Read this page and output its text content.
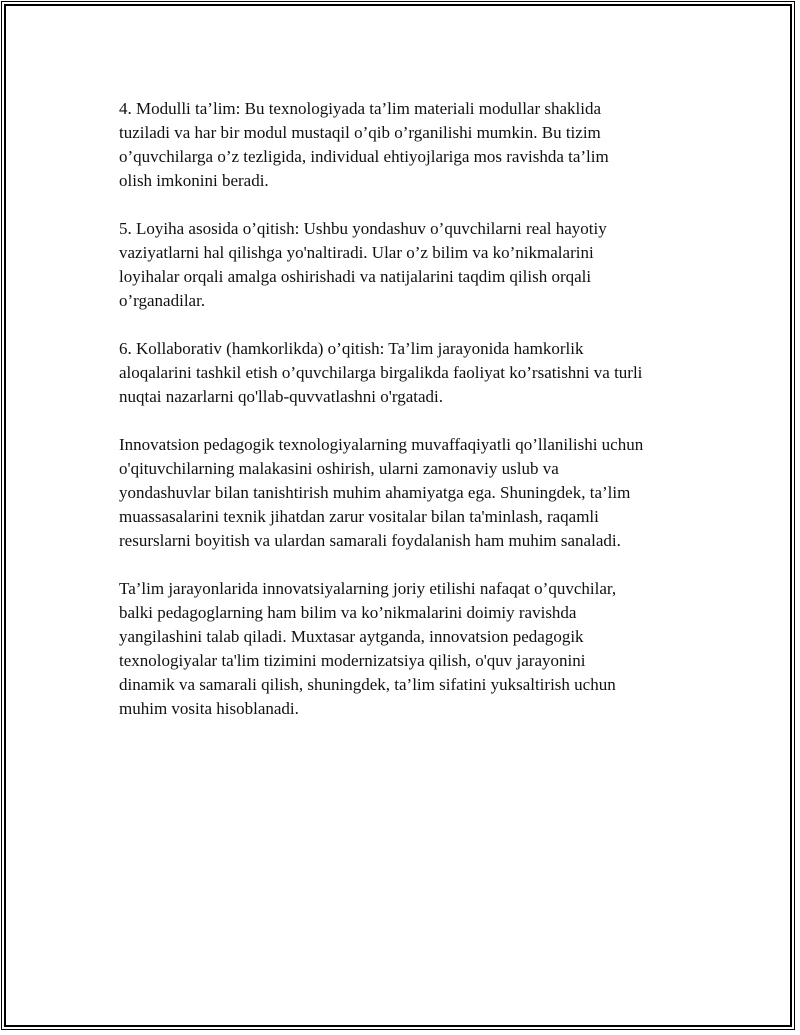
4. Modulli ta’lim: Bu texnologiyada ta’lim materiali modullar shaklida
tuziladi va har bir modul mustaqil o’qib o’rganilishi mumkin. Bu tizim
o’quvchilarga o’z tezligida, individual ehtiyojlariga mos ravishda ta’lim
olish imkonini beradi.

5. Loyiha asosida o’qitish: Ushbu yondashuv o’quvchilarni real hayotiy
vaziyatlarni hal qilishga yo'naltiradi. Ular o’z bilim va ko’nikmalarini
loyihalar orqali amalga oshirishadi va natijalarini taqdim qilish orqali
o’rganadilar.

6. Kollaborativ (hamkorlikda) o’qitish: Ta’lim jarayonida hamkorlik
aloqalarini tashkil etish o’quvchilarga birgalikda faoliyat ko’rsatishni va turli
nuqtai nazarlarni qo'llab-quvvatlashni o'rgatadi.

Innovatsion pedagogik texnologiyalarning muvaffaqiyatli qo’llanilishi uchun
o'qituvchilarning malakasini oshirish, ularni zamonaviy uslub va
yondashuvlar bilan tanishtirish muhim ahamiyatga ega. Shuningdek, ta’lim
muassasalarini texnik jihatdan zarur vositalar bilan ta'minlash, raqamli
resurslarni boyitish va ulardan samarali foydalanish ham muhim sanaladi.

Ta’lim jarayonlarida innovatsiyalarning joriy etilishi nafaqat o’quvchilar,
balki pedagoglarning ham bilim va ko’nikmalarini doimiy ravishda
yangilashini talab qiladi. Muxtasar aytganda, innovatsion pedagogik
texnologiyalar ta'lim tizimini modernizatsiya qilish, o'quv jarayonini
dinamik va samarali qilish, shuningdek, ta’lim sifatini yuksaltirish uchun
muhim vosita hisoblanadi.
